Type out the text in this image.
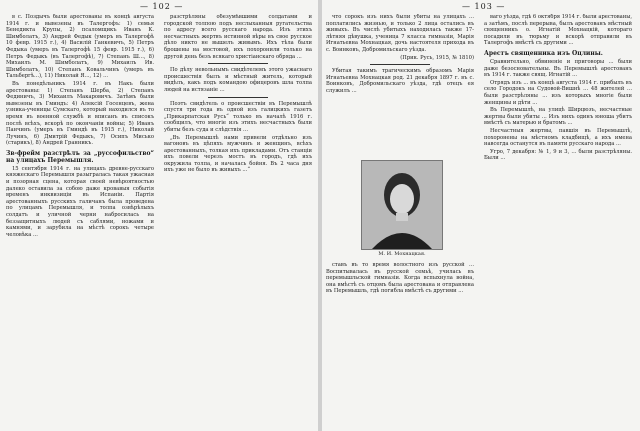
— 102 —

в с. Поздычъ были арестованы въ концѣ августа 1914 г. и вывезены въ Талергофъ: 1) семья Бенедикта Крупы, 2) псаломщикъ Иванъ К. Шимболатъ, 3) Андрей Федык (умеръ въ Талергофѣ 10 февр. 1915 г.), 4) Василій Ганкевичъ, 5) Петръ Федыка (умеръ въ Талергофѣ 15 февр. 1915 г.), 6) Петръ Федыкъ (въ Талергофѣ), 7) Степанъ Ш..., 8) Михаилъ М. Шимболатъ, 9) Михаилъ Ив. Шимболатъ, 10) Степанъ Ковальчинъ (умеръ въ Тальбергѣ...), 11) Николай Я..., 12) ...

Въ понедѣльникъ 1914 г. въ Накъ были арестованы: 1) Степанъ Шерба, 2) Степанъ Фединичъ, 3) Михаилъ Макаровичъ. Затѣмъ были вывезены въ Гминдъ: 4) Алексій Госенцевъ, жена узника-ученицы Сумскаго, который находился въ то время въ военной службѣ и вписанъ въ списокъ послѣ всѣхъ, вскорѣ по окончаніи войны; 5) Иванъ Панчинъ (умеръ въ Гминдѣ въ 1915 г.), Николай Лучинъ, 6) Дмитрій Федыкъ, 7) Осипъ Мисько (старикъ), 8) Андрей Гранникъ.

Зв-фрейм разстрѣлъ за „руссофильство“ на улицахъ Перемышля.

15 сентября 1914 г. на улицахъ древне-русскаго княжескаго Перемышля разыгралась такая ужасная и позорная сцена, которая своей невѣроятностью далеко оставила за собою даже кровавыя событія временъ инквизиціи въ Испаніи. Партія арестованныхъ русскихъ галичанъ была проведена по улицамъ Перемышля, и толпа озвѣрѣлыхъ солдатъ и уличной черни набросилась на беззащитныхъ людей съ саблями, ножами и камнями, и зарубила на мѣстѣ сорокъ четыре человѣка ...

разстрѣляны обезумѣвшими солдатами и городской толпою подъ неслыханныя ругательства по адресу всего русскаго народа. Изъ этихъ несчастныхъ жертвъ истинной вѣры въ свое русское дѣло никто не вышелъ живымъ. Ихъ тѣла были брошены на мостовой, ихъ похоронили только на другой день безъ всякаго христіанскаго обряда ...

По дѣлу невольнымъ свидѣтелемъ этого ужаснаго происшествія былъ и мѣстный житель, который видѣлъ, какъ подъ командою офицеровъ шла толпа людей на истязаніе ...

Поэтъ свидѣтель о происшествіи въ Перемышлѣ спустя три года въ одной изъ галицкихъ газетъ „Прикарпатская Русь“ только въ началѣ 1916 г. сообщилъ, что многіе изъ этихъ несчастныхъ были убиты безъ суда и слѣдствія ...

„Въ Перемышлѣ нами привели отдѣльно изъ вагоновъ въ цѣпяхъ мужчинъ и женщинъ, всѣхъ арестованныхъ, толкая ихъ прикладами. Отъ станціи ихъ повели черезъ мостъ въ городъ, гдѣ ихъ окружила толпа, и началась бойня. Въ 2 часа дня ихъ уже не было въ живыхъ ...“

— 103 —

что сорокъ изъ нихъ были убиты на улицахъ ... поплатились жизнью, и только 2 лица остались въ живыхъ. Въ числѣ убитыхъ находилась также 17-лѣтняя дѣвушка, ученица 7 класса гимназіи, Марія Игнатьевна Мохнацкая, дочь настоятеля прихода въ с. Воинковъ, Добромильскаго уѣзда.

(Прик. Русь, 1915, № 1810)

Убитая такимъ трагическимъ образомъ Марія Игнатьевна Мохнацкая род. 21 декабря 1897 г. въ с. Воинковъ, Добромильскаго уѣзда, гдѣ отецъ ея служилъ ...

М. И. Мохнацкая.

ставъ въ то время волостного изъ русской ... Воспитывалась въ русской семьѣ, училась въ перемышльской гимназіи. Когда вспыхнула война, она вмѣстѣ съ отцомъ была арестована и отправлена въ Перемышль, гдѣ погибла вмѣстѣ съ другими ...

ваго уѣзда, гдѣ 6 октября 1914 г. были арестованы, а затѣмъ, послѣ перерыва, былъ арестованъ мѣстный священникъ о. Игнатій Мохнацкій, котораго посадили въ тюрьму и вскорѣ отправили въ Талергофъ вмѣстѣ съ другими ...

Арестъ священника изъ Оцлины.

Сравнительно, обвиненіе и приговоры ... были даже безосновательны. Въ Перемышлѣ арестованъ въ 1914 г. также свящ. Игнатій ...

Отрядъ изъ ... въ концѣ августа 1914 г. прибылъ въ село Городокъ на Судовой-Вишнѣ ... 48 жителей ... были разстрѣляны ... изъ которыхъ многіе были женщины и дѣти ...

Въ Перемышлѣ, на улицѣ Ширцюзъ, несчастные жертвы были убиты ... Изъ нихъ одинъ юноша убитъ вмѣстѣ съ матерью и братомъ ...

Несчастныя жертвы, павшія въ Перемышлѣ, похоронены на мѣстномъ кладбищѣ, а ихъ имена навсегда останутся въ памяти русскаго народа ...

Угро, 7 декабря: № 1, 9 и 3, ... были разстрѣляны. Были ...
